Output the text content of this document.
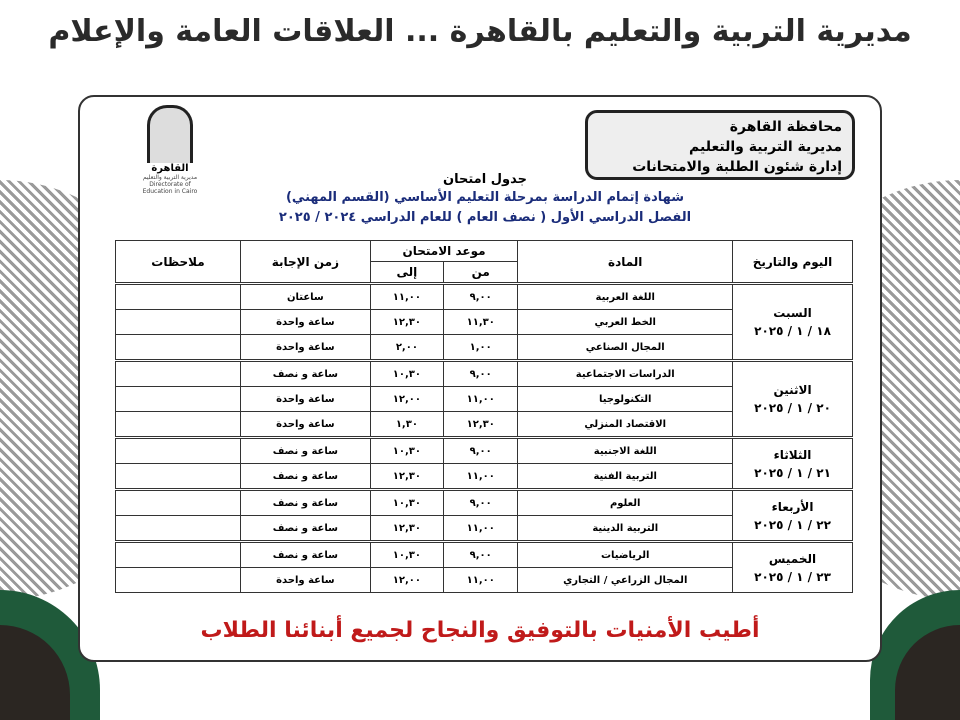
مديرية التربية والتعليم بالقاهرة ... العلاقات العامة والإعلام
محافظة القاهرة
مديرية التربية والتعليم
إدارة شئون الطلبة والامتحانات
القاهرة
مديرية التربية والتعليم
Directorate of Education in Cairo
جدول امتحان
شهادة إتمام الدراسة بمرحلة التعليم الأساسي (القسم المهني)
الفصل الدراسي الأول ( نصف العام ) للعام الدراسي ٢٠٢٤ / ٢٠٢٥
اليوم والتاريخ	المادة	موعد الامتحان		زمن الإجابة	ملاحظات
		من	إلى		

السبت
١٨ / ١ / ٢٠٢٥	اللغة العربية	٩,٠٠	١١,٠٠	ساعتان	
	الخط العربي	١١,٣٠	١٢,٣٠	ساعة واحدة	
	المجال الصناعي	١,٠٠	٢,٠٠	ساعة واحدة	

الاثنين
٢٠ / ١ / ٢٠٢٥	الدراسات الاجتماعية	٩,٠٠	١٠,٣٠	ساعة و نصف	
	التكنولوجيا	١١,٠٠	١٢,٠٠	ساعة واحدة	
	الاقتصاد المنزلي	١٢,٣٠	١,٣٠	ساعة واحدة	

الثلاثاء
٢١ / ١ / ٢٠٢٥	اللغة الاجنبية	٩,٠٠	١٠,٣٠	ساعة و نصف	
	التربية الفنية	١١,٠٠	١٢,٣٠	ساعة و نصف	

الأربعاء
٢٢ / ١ / ٢٠٢٥	العلوم	٩,٠٠	١٠,٣٠	ساعة و نصف	
	التربية الدينية	١١,٠٠	١٢,٣٠	ساعة و نصف	

الخميس
٢٣ / ١ / ٢٠٢٥	الرياضيات	٩,٠٠	١٠,٣٠	ساعة و نصف	
	المجال الزراعي / التجاري	١١,٠٠	١٢,٠٠	ساعة واحدة	
أطيب الأمنيات بالتوفيق والنجاح لجميع أبنائنا الطلاب
